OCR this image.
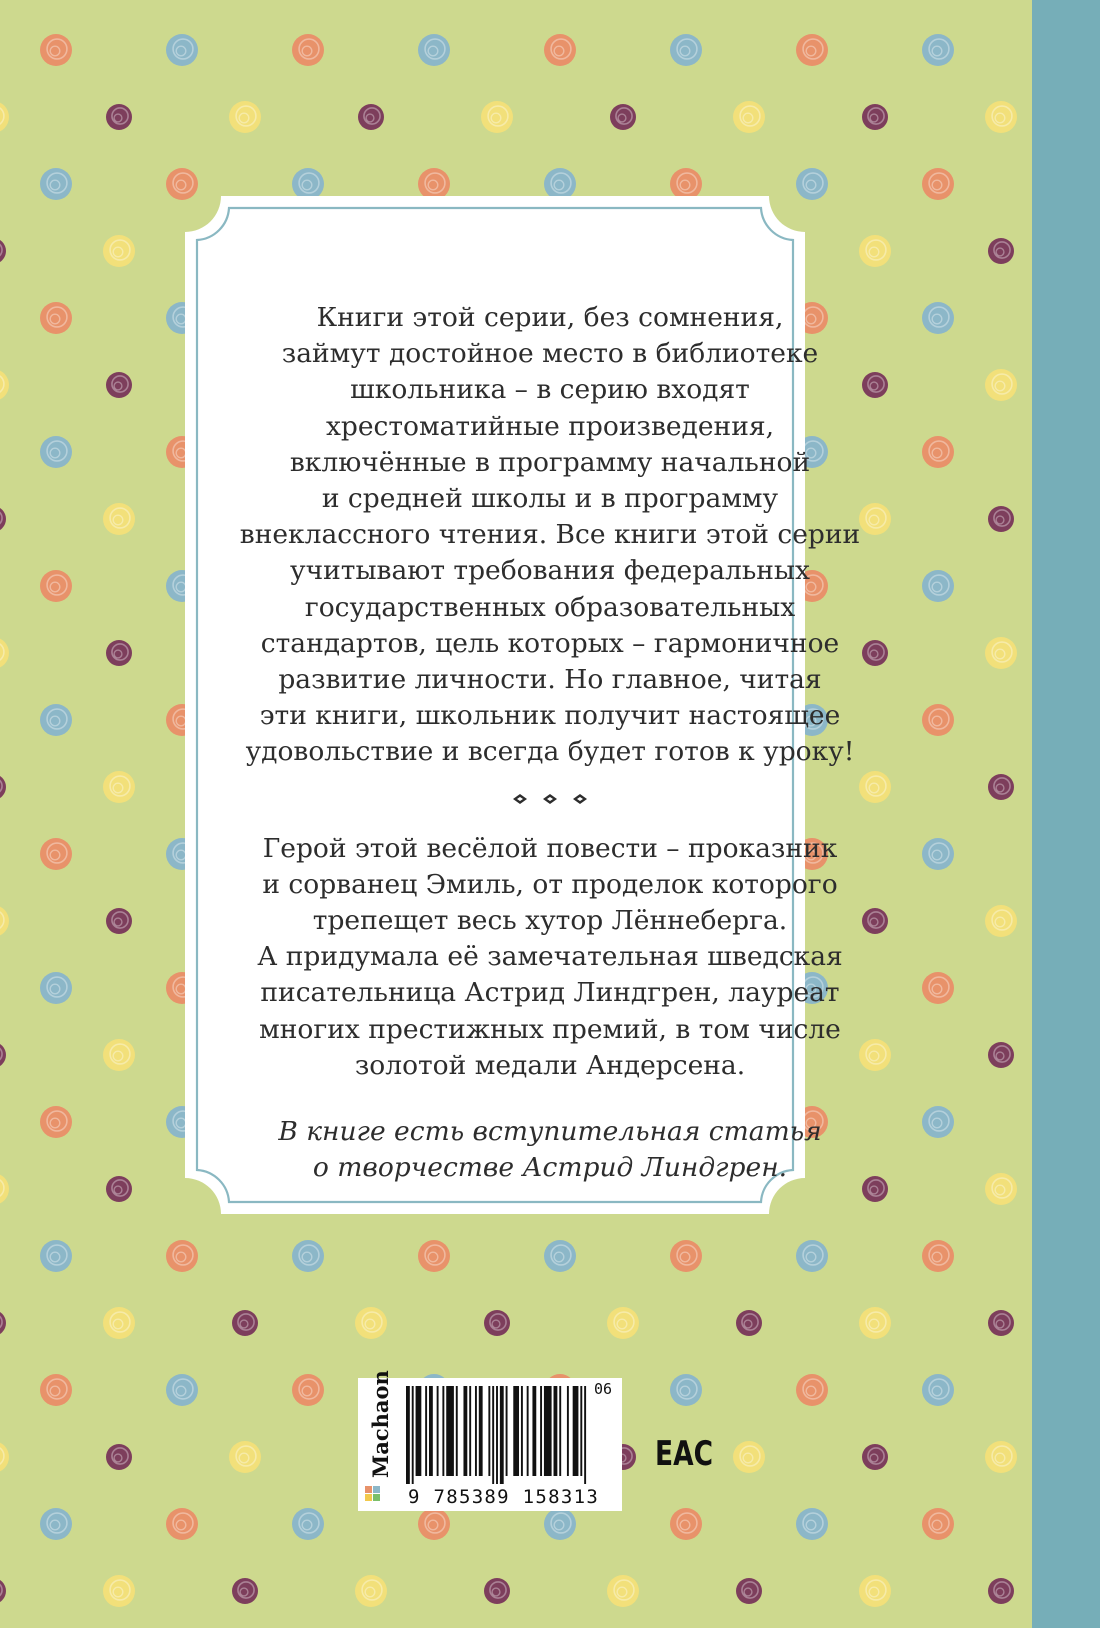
Книги этой серии, без сомнения,
займут достойное место в библиотеке
школьника – в серию входят
хрестоматийные произведения,
включённые в программу начальной
и средней школы и в программу
внеклассного чтения. Все книги этой серии
учитывают требования федеральных
государственных образовательных
стандартов, цель которых – гармоничное
развитие личности. Но главное, читая
эти книги, школьник получит настоящее
удовольствие и всегда будет готов к уроку!

Герой этой весёлой повести – проказник
и сорванец Эмиль, от проделок которого
трепещет весь хутор Лённеберга.
А придумала её замечательная шведская
писательница Астрид Линдгрен, лауреат
многих престижных премий, в том числе
золотой медали Андерсена.

В книге есть вступительная статья
о творчестве Астрид Линдгрен.

Machaon
9 785389 158313
06
ЕАС
